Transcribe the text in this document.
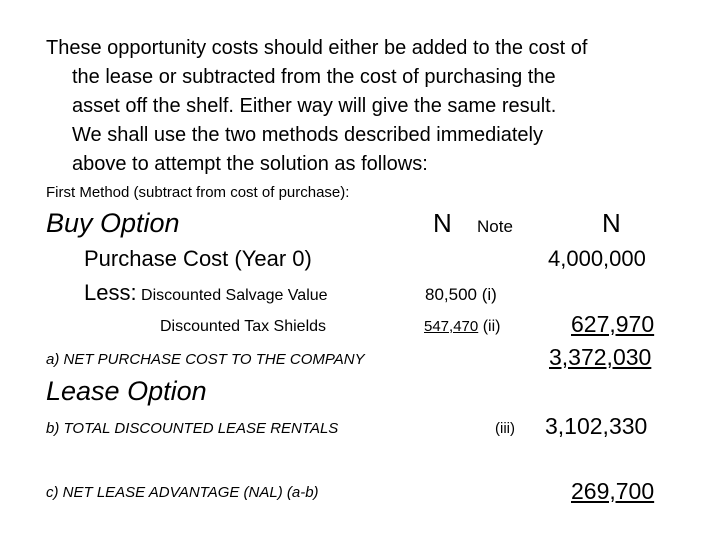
These opportunity costs should either be added to the cost of
the lease or subtracted from the cost of purchasing the
asset off the shelf. Either way will give the same result.
We shall use the two methods described immediately
above to attempt the solution as follows:
First Method (subtract from cost of purchase):
Buy Option	N Note	N
Purchase Cost (Year 0)	4,000,000
Less: Discounted Salvage Value	80,500 (i)
Discounted Tax Shields	547,470 (ii)	627,970
a) NET PURCHASE COST TO THE COMPANY	3,372,030
Lease Option
b) TOTAL DISCOUNTED LEASE RENTALS	(iii) 3,102,330
c) NET LEASE ADVANTAGE (NAL) (a-b)	269,700
